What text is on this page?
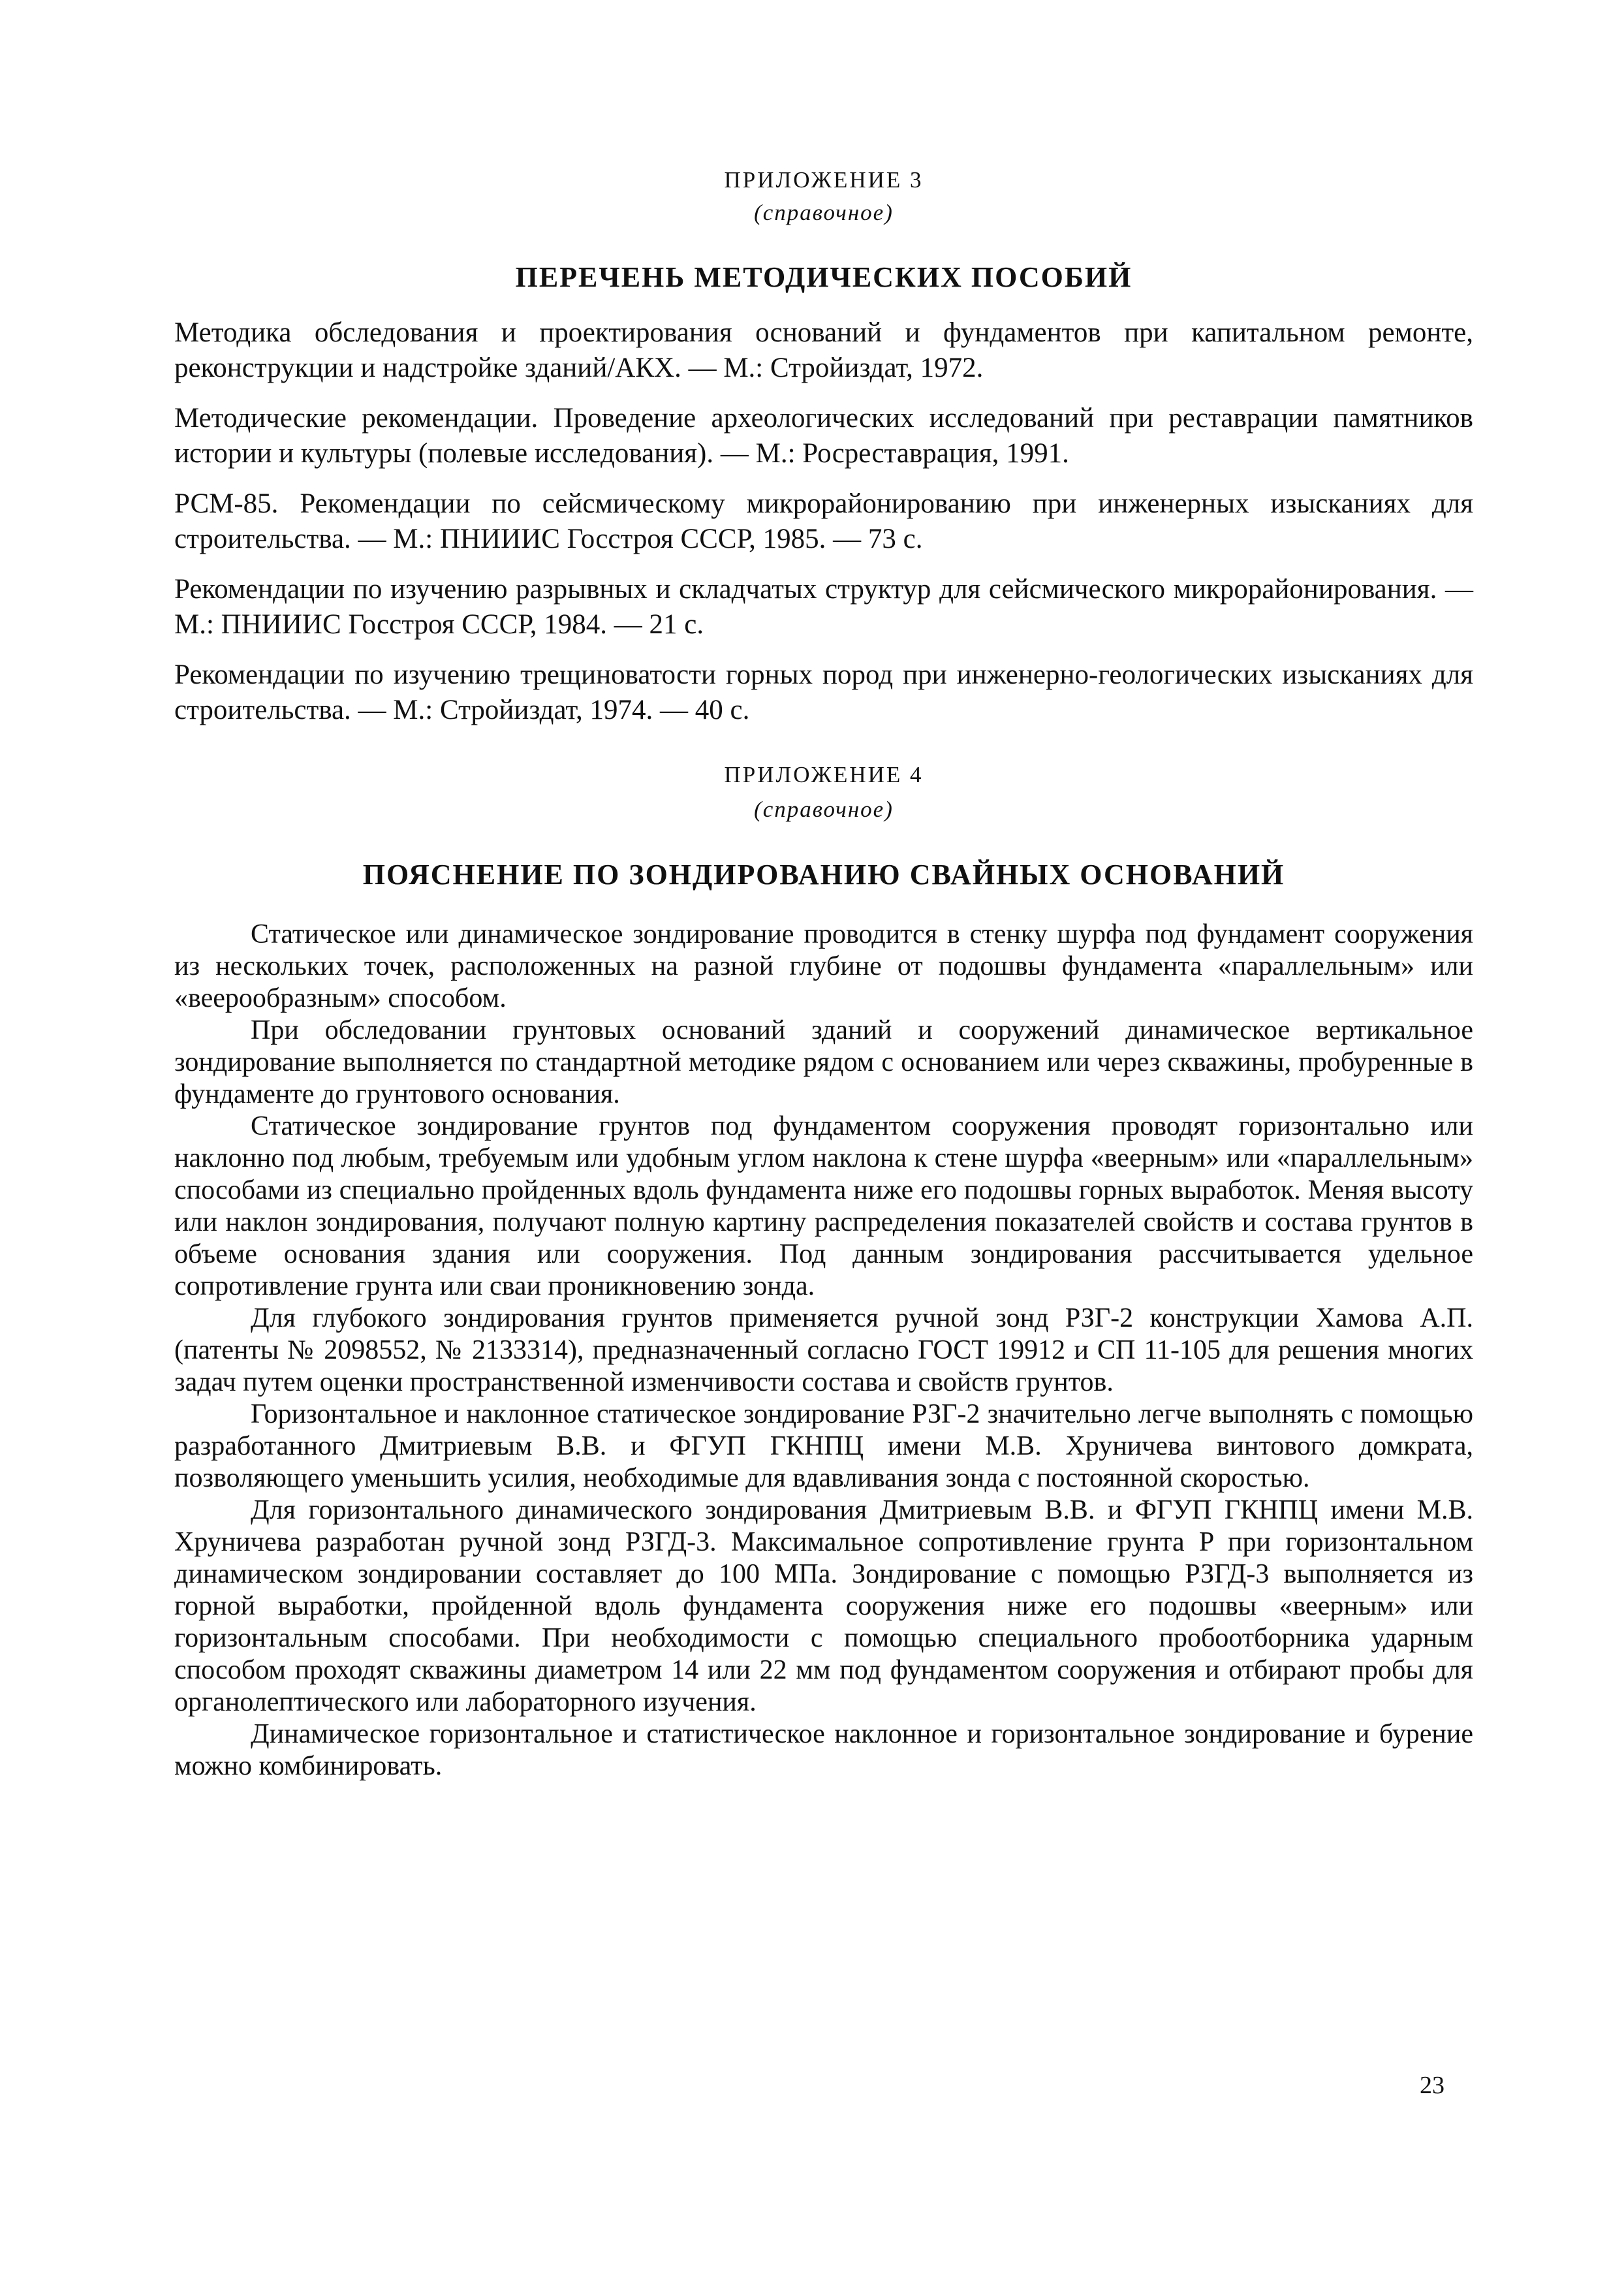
ПРИЛОЖЕНИЕ 3
(справочное)
ПЕРЕЧЕНЬ МЕТОДИЧЕСКИХ ПОСОБИЙ

Методика обследования и проектирования оснований и фундаментов при капитальном ремонте, реконструкции и надстройке зданий/АКХ. — М.: Стройиздат, 1972.

Методические рекомендации. Проведение археологических исследований при реставрации памятников истории и культуры (полевые исследования). — М.: Росреставрация, 1991.

РСМ-85. Рекомендации по сейсмическому микрорайонированию при инженерных изысканиях для строительства. — М.: ПНИИИС Госстроя СССР, 1985. — 73 с.

Рекомендации по изучению разрывных и складчатых структур для сейсмического микрорайонирования. — М.: ПНИИИС Госстроя СССР, 1984. — 21 с.

Рекомендации по изучению трещиноватости горных пород при инженерно-геологических изысканиях для строительства. — М.: Стройиздат, 1974. — 40 с.

ПРИЛОЖЕНИЕ 4
(справочное)
ПОЯСНЕНИЕ ПО ЗОНДИРОВАНИЮ СВАЙНЫХ ОСНОВАНИЙ

Статическое или динамическое зондирование проводится в стенку шурфа под фундамент сооружения из нескольких точек, расположенных на разной глубине от подошвы фундамента «параллельным» или «веерообразным» способом.

При обследовании грунтовых оснований зданий и сооружений динамическое вертикальное зондирование выполняется по стандартной методике рядом с основанием или через скважины, пробуренные в фундаменте до грунтового основания.

Статическое зондирование грунтов под фундаментом сооружения проводят горизонтально или наклонно под любым, требуемым или удобным углом наклона к стене шурфа «веерным» или «параллельным» способами из специально пройденных вдоль фундамента ниже его подошвы горных выработок. Меняя высоту или наклон зондирования, получают полную картину распределения показателей свойств и состава грунтов в объеме основания здания или сооружения. Под данным зондирования рассчитывается удельное сопротивление грунта или сваи проникновению зонда.

Для глубокого зондирования грунтов применяется ручной зонд РЗГ-2 конструкции Хамова А.П. (патенты № 2098552, № 2133314), предназначенный согласно ГОСТ 19912 и СП 11-105 для решения многих задач путем оценки пространственной изменчивости состава и свойств грунтов.

Горизонтальное и наклонное статическое зондирование РЗГ-2 значительно легче выполнять с помощью разработанного Дмитриевым В.В. и ФГУП ГКНПЦ имени М.В. Хруничева винтового домкрата, позволяющего уменьшить усилия, необходимые для вдавливания зонда с постоянной скоростью.

Для горизонтального динамического зондирования Дмитриевым В.В. и ФГУП ГКНПЦ имени М.В. Хруничева разработан ручной зонд РЗГД-3. Максимальное сопротивление грунта P при горизонтальном динамическом зондировании составляет до 100 МПа. Зондирование с помощью РЗГД-3 выполняется из горной выработки, пройденной вдоль фундамента сооружения ниже его подошвы «веерным» или горизонтальным способами. При необходимости с помощью специального пробоотборника ударным способом проходят скважины диаметром 14 или 22 мм под фундаментом сооружения и отбирают пробы для органолептического или лабораторного изучения.

Динамическое горизонтальное и статистическое наклонное и горизонтальное зондирование и бурение можно комбинировать.

23
